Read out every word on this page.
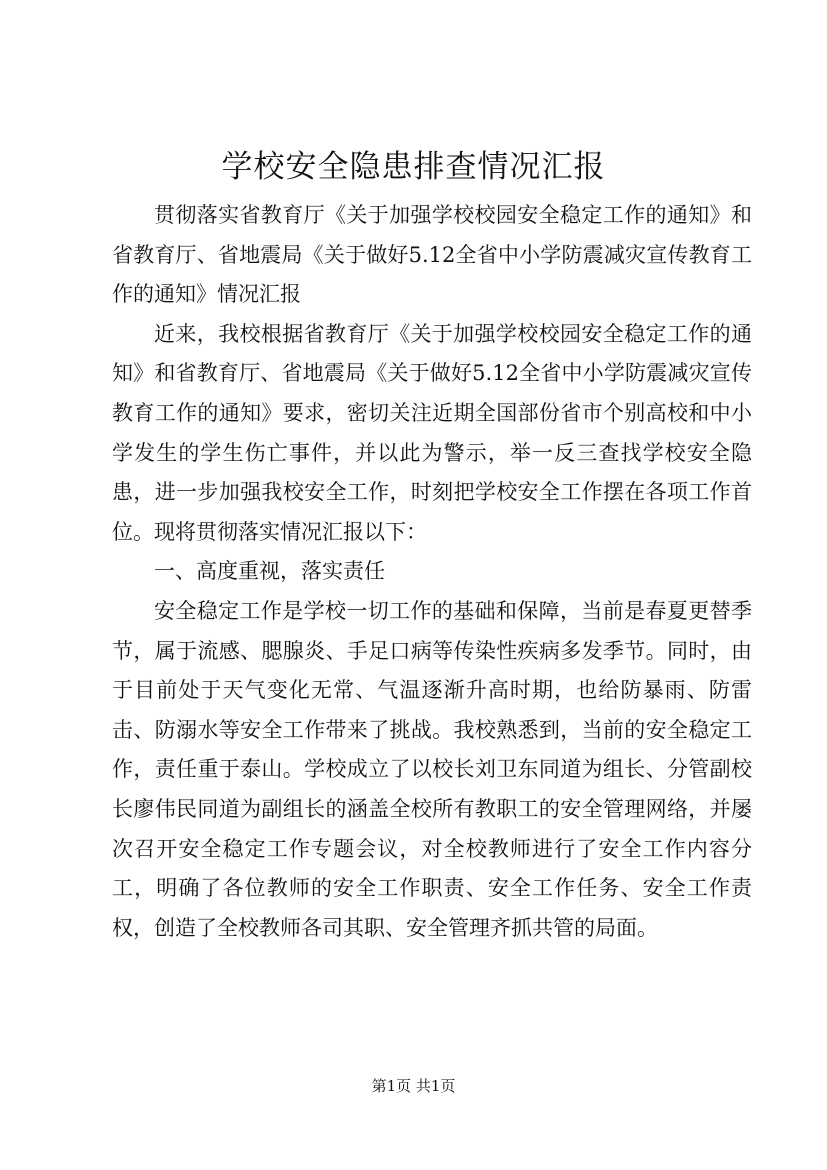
学校安全隐患排查情况汇报

贯彻落实省教育厅《关于加强学校校园安全稳定工作的通知》和省教育厅、省地震局《关于做好5.12全省中小学防震减灾宣传教育工作的通知》情况汇报

近来，我校根据省教育厅《关于加强学校校园安全稳定工作的通知》和省教育厅、省地震局《关于做好5.12全省中小学防震减灾宣传教育工作的通知》要求，密切关注近期全国部份省市个别高校和中小学发生的学生伤亡事件，并以此为警示，举一反三查找学校安全隐患，进一步加强我校安全工作，时刻把学校安全工作摆在各项工作首位。现将贯彻落实情况汇报以下：

一、高度重视，落实责任

安全稳定工作是学校一切工作的基础和保障，当前是春夏更替季节，属于流感、腮腺炎、手足口病等传染性疾病多发季节。同时，由于目前处于天气变化无常、气温逐渐升高时期，也给防暴雨、防雷击、防溺水等安全工作带来了挑战。我校熟悉到，当前的安全稳定工作，责任重于泰山。学校成立了以校长刘卫东同道为组长、分管副校长廖伟民同道为副组长的涵盖全校所有教职工的安全管理网络，并屡次召开安全稳定工作专题会议，对全校教师进行了安全工作内容分工，明确了各位教师的安全工作职责、安全工作任务、安全工作责权，创造了全校教师各司其职、安全管理齐抓共管的局面。

第1页 共1页
